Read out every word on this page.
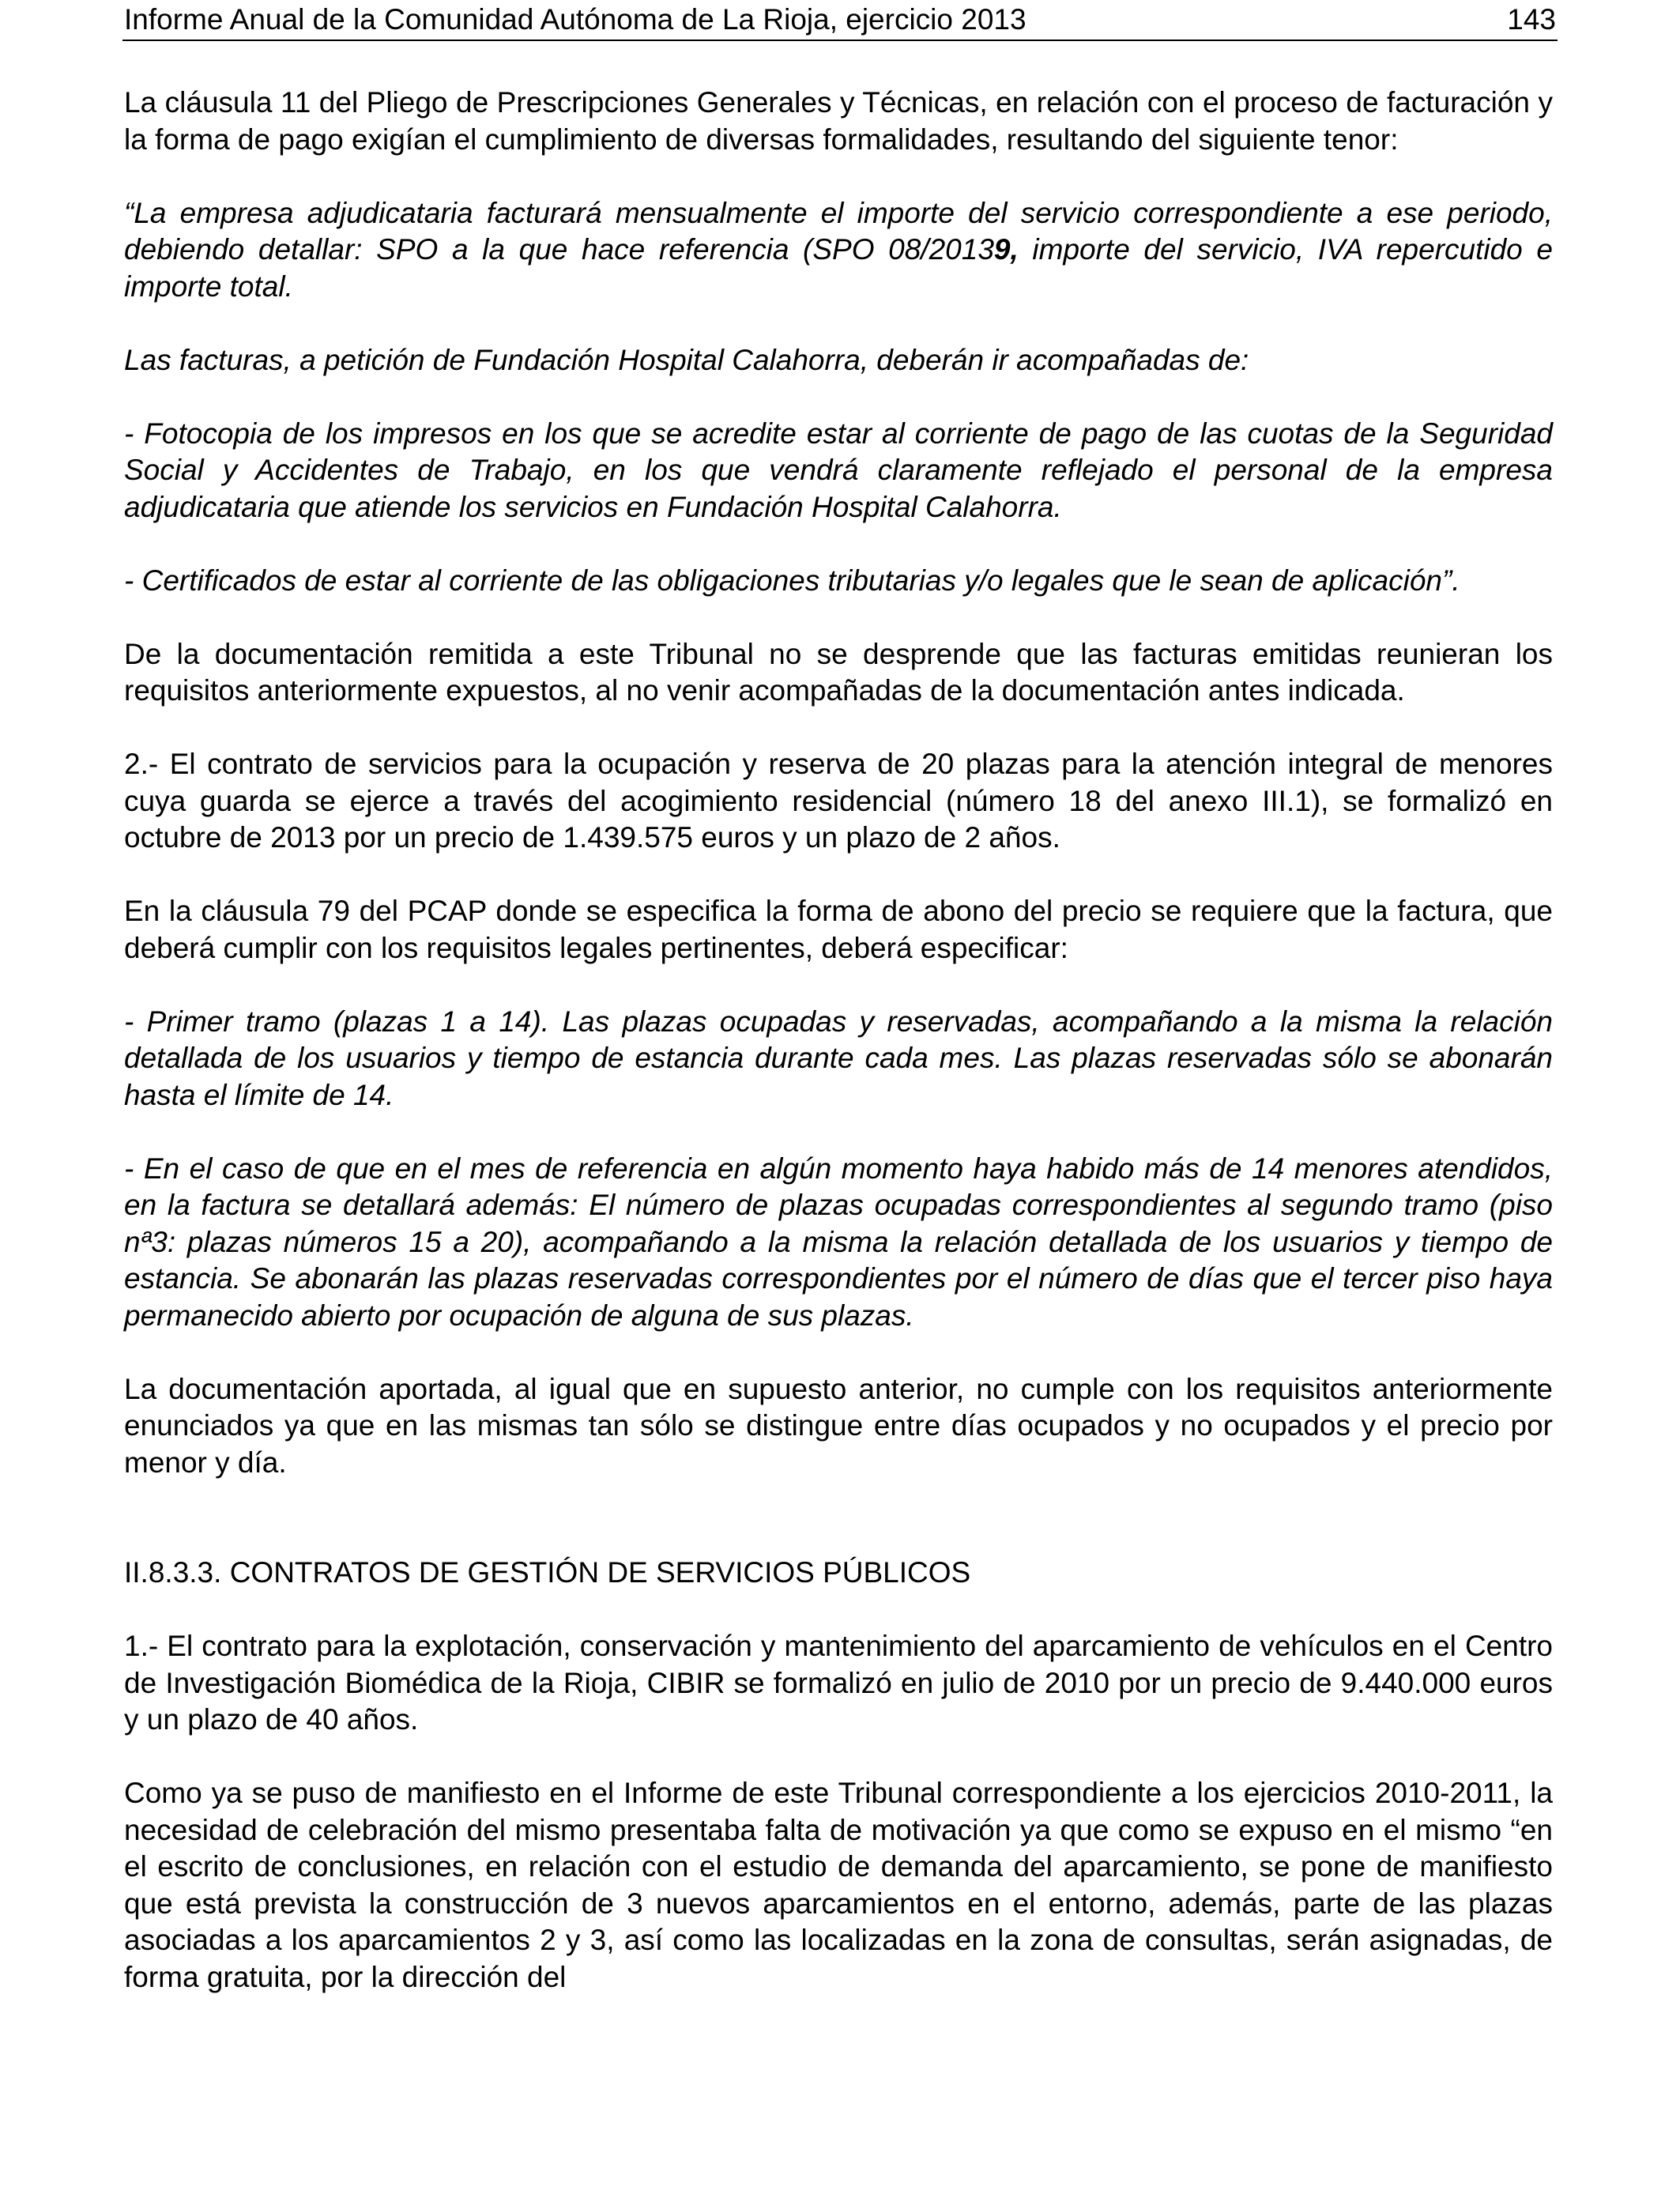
Informe Anual de la Comunidad Autónoma de La Rioja, ejercicio 2013	143

La cláusula 11 del Pliego de Prescripciones Generales y Técnicas, en relación con el proceso de facturación y la forma de pago exigían el cumplimiento de diversas formalidades, resultando del siguiente tenor:

“La empresa adjudicataria facturará mensualmente el importe del servicio correspondiente a ese periodo, debiendo detallar: SPO a la que hace referencia (SPO 08/20139, importe del servicio, IVA repercutido e importe total.

Las facturas, a petición de Fundación Hospital Calahorra, deberán ir acompañadas de:

- Fotocopia de los impresos en los que se acredite estar al corriente de pago de las cuotas de la Seguridad Social y Accidentes de Trabajo, en los que vendrá claramente reflejado el personal de la empresa adjudicataria que atiende los servicios en Fundación Hospital Calahorra.

- Certificados de estar al corriente de las obligaciones tributarias y/o legales que le sean de aplicación”.

De la documentación remitida a este Tribunal no se desprende que las facturas emitidas reunieran los requisitos anteriormente expuestos, al no venir acompañadas de la documentación antes indicada.

2.- El contrato de servicios para la ocupación y reserva de 20 plazas para la atención integral de menores cuya guarda se ejerce a través del acogimiento residencial (número 18 del anexo III.1), se formalizó en octubre de 2013 por un precio de 1.439.575 euros y un plazo de 2 años.

En la cláusula 79 del PCAP donde se especifica la forma de abono del precio se requiere que la factura, que deberá cumplir con los requisitos legales pertinentes, deberá especificar:

- Primer tramo (plazas 1 a 14). Las plazas ocupadas y reservadas, acompañando a la misma la relación detallada de los usuarios y tiempo de estancia durante cada mes. Las plazas reservadas sólo se abonarán hasta el límite de 14.

- En el caso de que en el mes de referencia en algún momento haya habido más de 14 menores atendidos, en la factura se detallará además: El número de plazas ocupadas correspondientes al segundo tramo (piso nª3: plazas números 15 a 20), acompañando a la misma la relación detallada de los usuarios y tiempo de estancia. Se abonarán las plazas reservadas correspondientes por el número de días que el tercer piso haya permanecido abierto por ocupación de alguna de sus plazas.

La documentación aportada, al igual que en supuesto anterior, no cumple con los requisitos anteriormente enunciados ya que en las mismas tan sólo se distingue entre días ocupados y no ocupados y el precio por menor y día.

II.8.3.3. CONTRATOS DE GESTIÓN DE SERVICIOS PÚBLICOS

1.- El contrato para la explotación, conservación y mantenimiento del aparcamiento de vehículos en el Centro de Investigación Biomédica de la Rioja, CIBIR se formalizó en julio de 2010 por un precio de 9.440.000 euros y un plazo de 40 años.

Como ya se puso de manifiesto en el Informe de este Tribunal correspondiente a los ejercicios 2010-2011, la necesidad de celebración del mismo presentaba falta de motivación ya que como se expuso en el mismo “en el escrito de conclusiones, en relación con el estudio de demanda del aparcamiento, se pone de manifiesto que está prevista la construcción de 3 nuevos aparcamientos en el entorno, además, parte de las plazas asociadas a los aparcamientos 2 y 3, así como las localizadas en la zona de consultas, serán asignadas, de forma gratuita, por la dirección del
